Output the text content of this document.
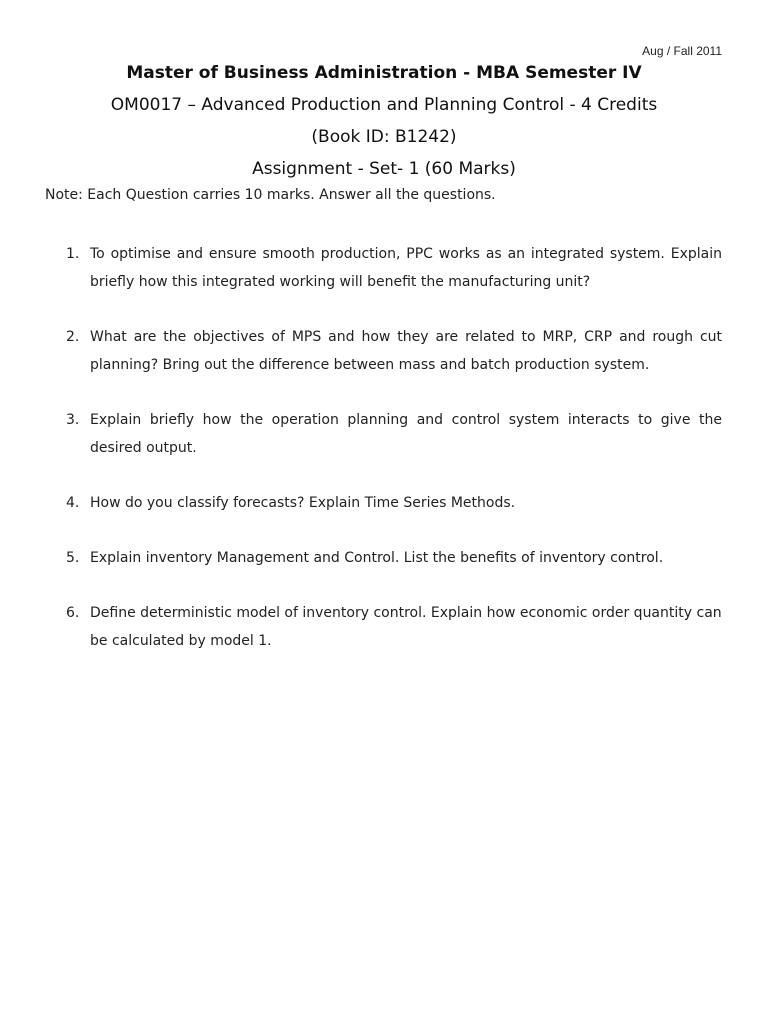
Aug / Fall 2011
Master of Business Administration - MBA Semester IV
OM0017 – Advanced Production and Planning Control - 4 Credits
(Book ID: B1242)
Assignment - Set- 1 (60 Marks)
Note: Each Question carries 10 marks. Answer all the questions.
1. To optimise and ensure smooth production, PPC works as an integrated system. Explain briefly how this integrated working will benefit the manufacturing unit?
2. What are the objectives of MPS and how they are related to MRP, CRP and rough cut planning? Bring out the difference between mass and batch production system.
3. Explain briefly how the operation planning and control system interacts to give the desired output.
4. How do you classify forecasts? Explain Time Series Methods.
5. Explain inventory Management and Control. List the benefits of inventory control.
6. Define deterministic model of inventory control. Explain how economic order quantity can be calculated by model 1.
